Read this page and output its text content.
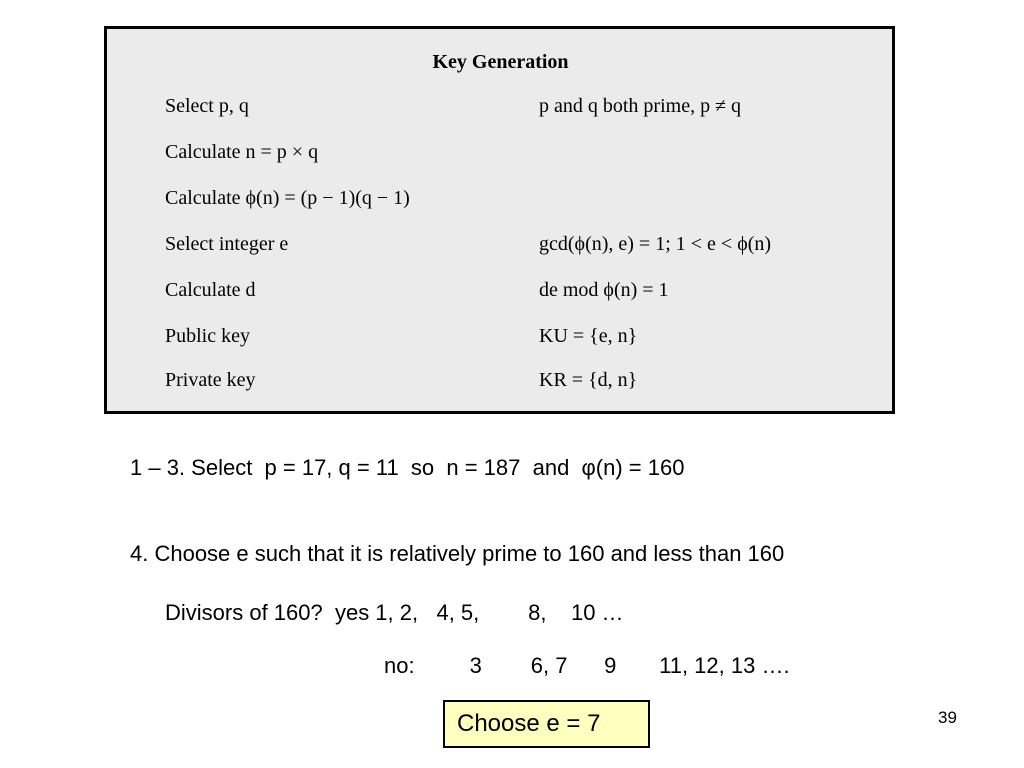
Key Generation
Select p, q	p and q both prime, p ≠ q
Calculate n = p × q
Calculate ϕ(n) = (p − 1)(q − 1)
Select integer e	gcd(ϕ(n), e) = 1; 1 < e < ϕ(n)
Calculate d	de mod ϕ(n) = 1
Public key	KU = {e, n}
Private key	KR = {d, n}
1 – 3. Select  p = 17, q = 11  so  n = 187  and  φ(n) = 160
4. Choose e such that it is relatively prime to 160 and less than 160
Divisors of 160?  yes 1, 2,   4, 5,        8,    10 …
no:         3        6, 7      9       11, 12, 13 ….
Choose e = 7	39
